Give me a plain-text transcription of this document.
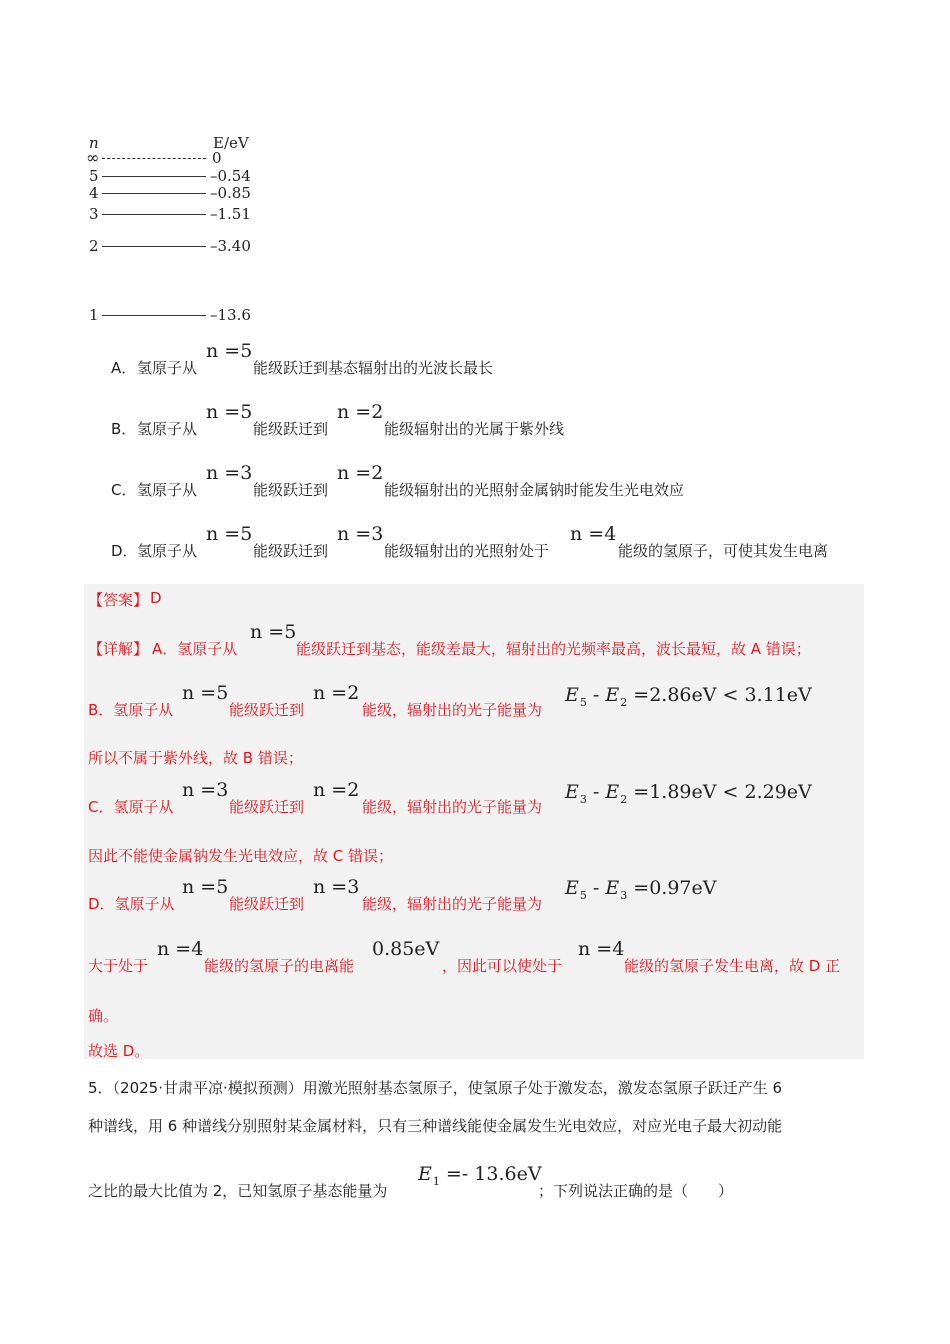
n	E/eV
∞	0
5	–0.54
4	–0.85
3	–1.51
2	–3.40
1	–13.6
A． 氢原子从
n =5
能级跃迁到基态辐射出的光波长最长
B． 氢原子从
n =5
能级跃迁到
n =2
能级辐射出的光属于紫外线
C． 氢原子从
n =3
能级跃迁到
n =2
能级辐射出的光照射金属钠时能发生光电效应
D． 氢原子从
n =5
能级跃迁到
n =3
能级辐射出的光照射处于
n =4
能级的氢原子，可使其发生电离
【答案】 D
【详解】 A．氢原子从
n =5
能级跃迁到基态，能级差最大，辐射出的光频率最高，波长最短，故 A 错误；
B．氢原子从
n =5
能级跃迁到
n =2
能级，辐射出的光子能量为
$E_5 - E_2 =2.86eV < 3.11eV$
所以不属于紫外线，故 B 错误；
C．氢原子从
n =3
能级跃迁到
n =2
能级，辐射出的光子能量为
$E_3 - E_2 =1.89eV < 2.29eV$
因此不能使金属钠发生光电效应，故 C 错误；
D．氢原子从
n =5
能级跃迁到
n =3
能级，辐射出的光子能量为
$E_5 - E_3 =0.97eV$
大于处于
n =4
能级的氢原子的电离能
0.85eV
，因此可以使处于
n =4
能级的氢原子发生电离，故 D 正
确。
故选 D。
5．（2025·甘肃平凉·模拟预测）用激光照射基态氢原子，使氢原子处于激发态，激发态氢原子跃迁产生 6
种谱线，用 6 种谱线分别照射某金属材料，只有三种谱线能使金属发生光电效应，对应光电子最大初动能
之比的最大比值为 2，已知氢原子基态能量为
$E_1 =- 13.6eV$
；下列说法正确的是（　　）
